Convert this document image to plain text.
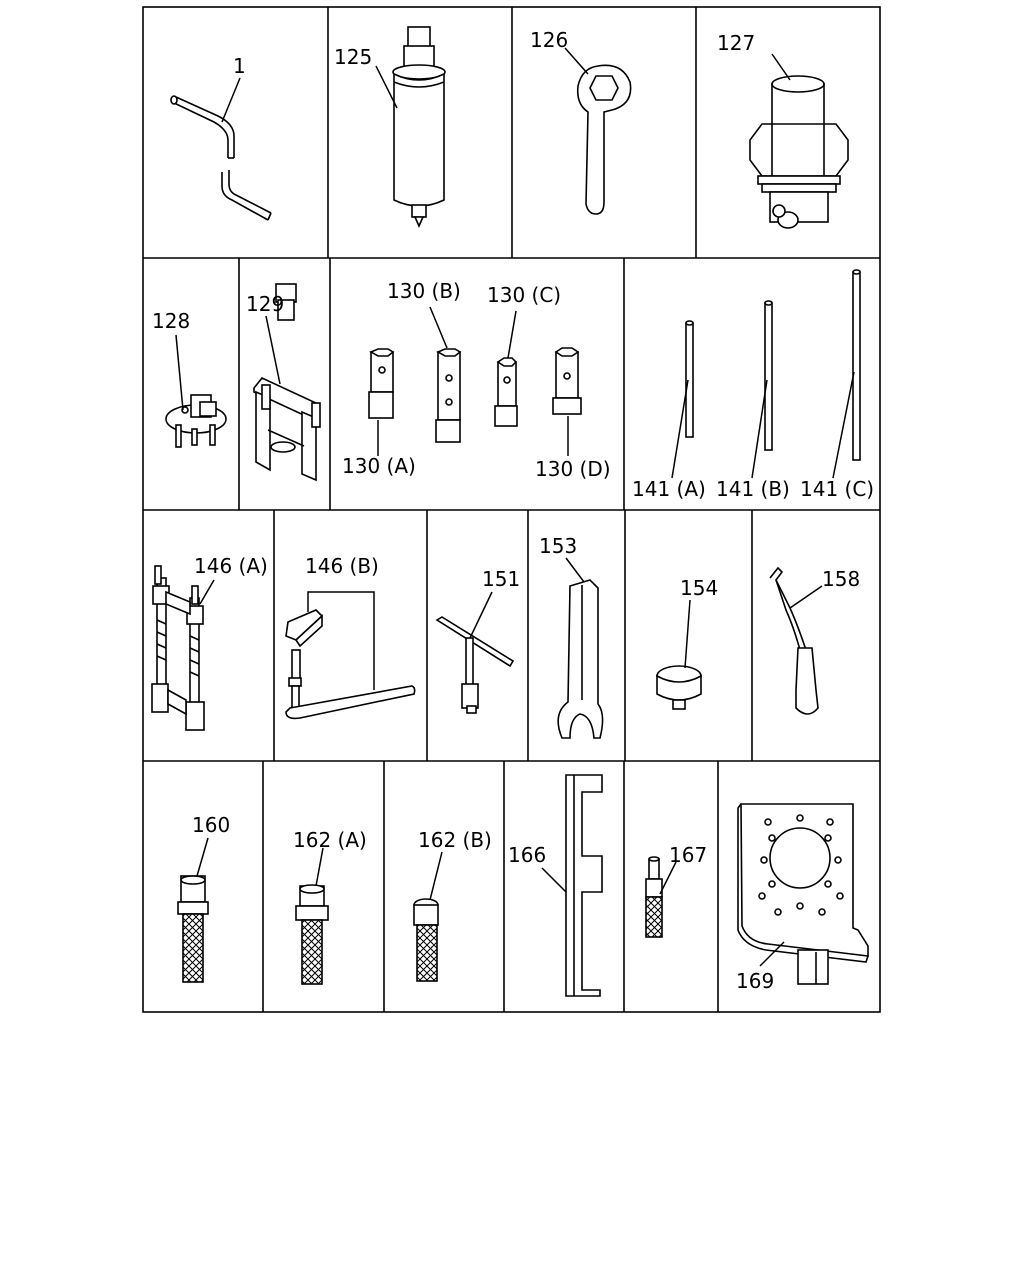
1	125
126	127
128
129
130 (A)
130 (B) 130 (C)
130 (D)
141 (A) 141 (B) 141 (C)
146 (A) 146 (B)
151
153
154	158
160
162 (A)	162 (B)
166	167
169
